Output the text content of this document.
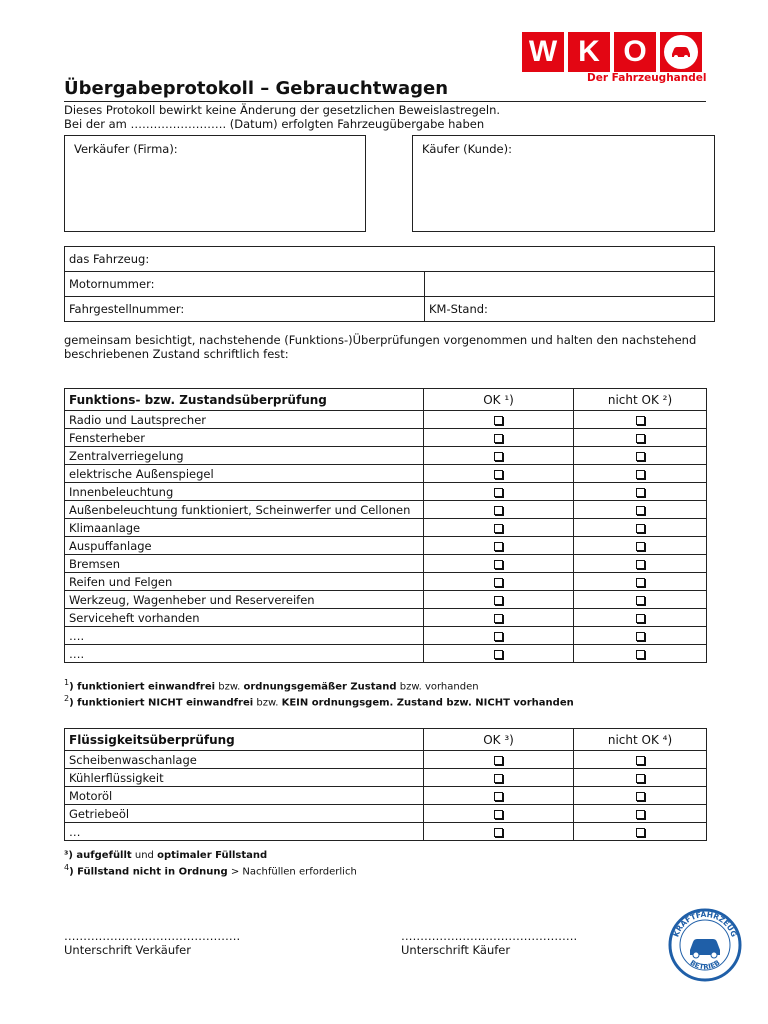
W K O
Der Fahrzeughandel
Übergabeprotokoll – Gebrauchtwagen
Dieses Protokoll bewirkt keine Änderung der gesetzlichen Beweislastregeln.
Bei der am ……………………. (Datum) erfolgten Fahrzeugübergabe haben
Verkäufer (Firma):	Käufer (Kunde):
das Fahrzeug:	
Motornummer:	
Fahrgestellnummer:	KM-Stand:
gemeinsam besichtigt, nachstehende (Funktions-)Überprüfungen vorgenommen und halten den nachstehend
beschriebenen Zustand schriftlich fest:
Funktions- bzw. Zustandsüberprüfung	OK ¹)	nicht OK ²)
Radio und Lautsprecher		
Fensterheber		
Zentralverriegelung		
elektrische Außenspiegel		
Innenbeleuchtung		
Außenbeleuchtung funktioniert, Scheinwerfer und Cellonen		
Klimaanlage		
Auspuffanlage		
Bremsen		
Reifen und Felgen		
Werkzeug, Wagenheber und Reservereifen		
Serviceheft vorhanden		
….		
….		
$^1$) funktioniert einwandfrei bzw. ordnungsgemäßer Zustand bzw. vorhanden
$^2$) funktioniert NICHT einwandfrei bzw. KEIN ordnungsgem. Zustand bzw. NICHT vorhanden
Flüssigkeitsüberprüfung	OK ³)	nicht OK ⁴)
Scheibenwaschanlage		
Kühlerflüssigkeit		
Motoröl		
Getriebeöl		
…		
³) aufgefüllt und optimaler Füllstand
$^4$) Füllstand nicht in Ordnung > Nachfüllen erforderlich
……………………………………….
Unterschrift Verkäufer
……………………………………….
Unterschrift Käufer
KRAFTFAHRZEUG
BETRIEB
